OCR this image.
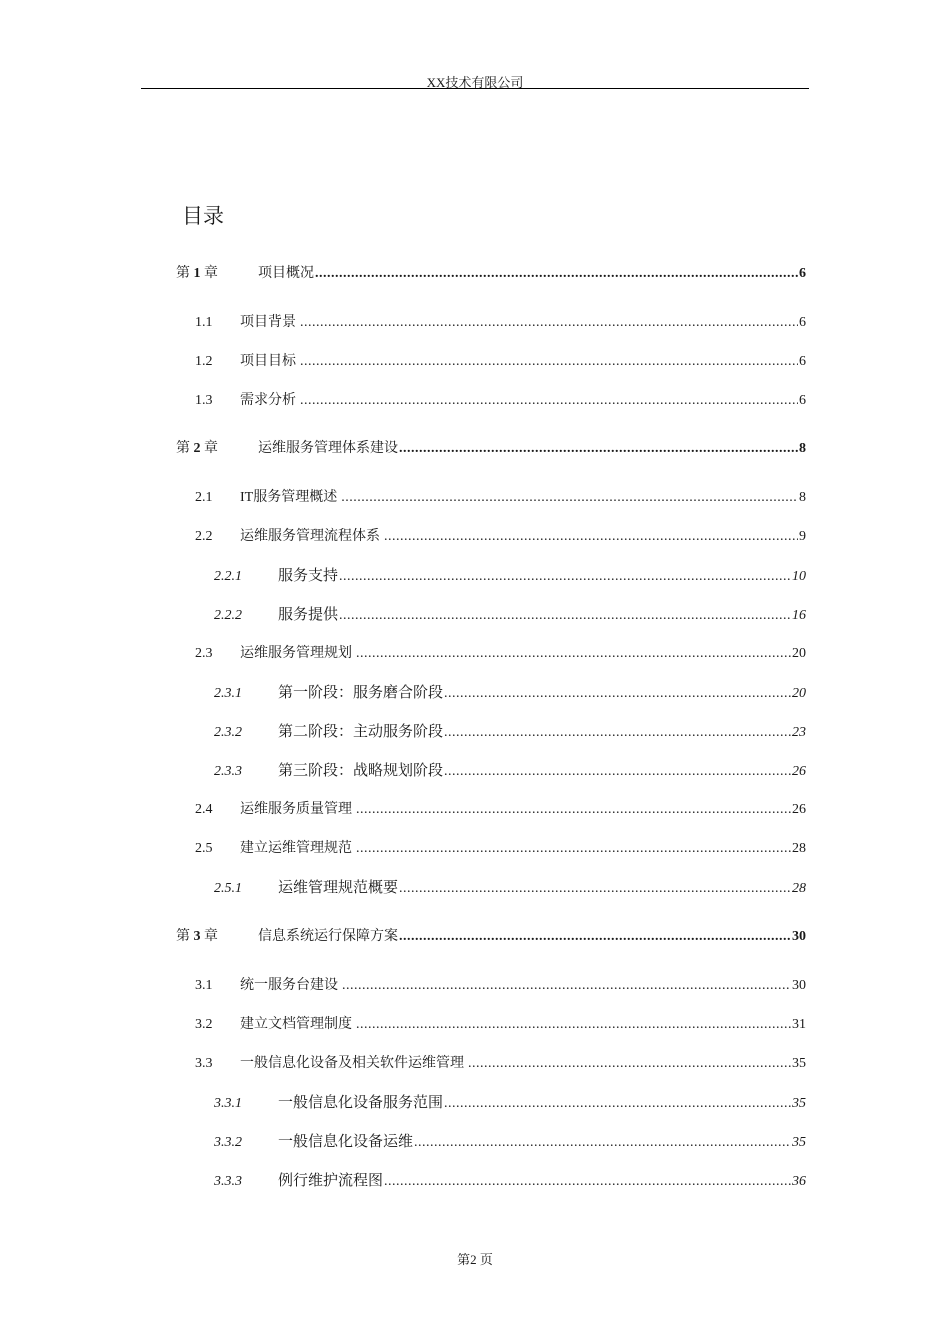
XX技术有限公司
目录
第 1 章	项目概况 .....	6
1.1	项目背景 .....	6
1.2	项目目标 .....	6
1.3	需求分析 .....	6
第 2 章	运维服务管理体系建设 .....	8
2.1	IT服务管理概述 .....	8
2.2	运维服务管理流程体系 .....	9
2.2.1	服务支持 .....	10
2.2.2	服务提供 .....	16
2.3	运维服务管理规划 .....	20
2.3.1	第一阶段：服务磨合阶段 .....	20
2.3.2	第二阶段：主动服务阶段 .....	23
2.3.3	第三阶段：战略规划阶段 .....	26
2.4	运维服务质量管理 .....	26
2.5	建立运维管理规范 .....	28
2.5.1	运维管理规范概要 .....	28
第 3 章	信息系统运行保障方案 .....	30
3.1	统一服务台建设 .....	30
3.2	建立文档管理制度 .....	31
3.3	一般信息化设备及相关软件运维管理 .....	35
3.3.1	一般信息化设备服务范围 .....	35
3.3.2	一般信息化设备运维 .....	35
3.3.3	例行维护流程图 .....	36
第2 页
